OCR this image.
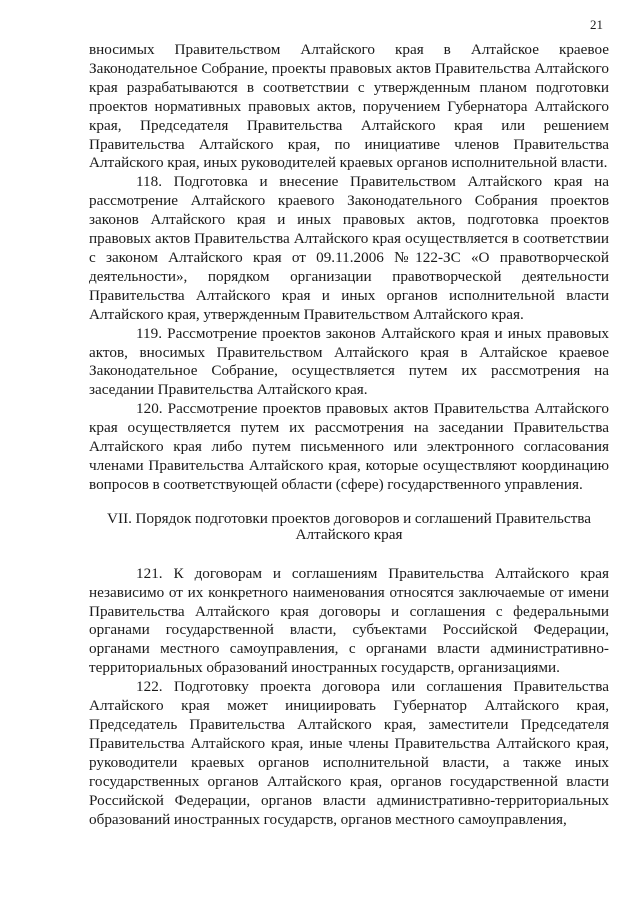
21

вносимых Правительством Алтайского края в Алтайское краевое Законодательное Собрание, проекты правовых актов Правительства Алтайского края разрабатываются в соответствии с утвержденным планом подготовки проектов нормативных правовых актов, поручением Губернатора Алтайского края, Председателя Правительства Алтайского края или решением Правительства Алтайского края, по инициативе членов Правительства Алтайского края, иных руководителей краевых органов исполнительной власти.

118. Подготовка и внесение Правительством Алтайского края на рассмотрение Алтайского краевого Законодательного Собрания проектов законов Алтайского края и иных правовых актов, подготовка проектов правовых актов Правительства Алтайского края осуществляется в соответствии с законом Алтайского края от 09.11.2006 №122-ЗС «О правотворческой деятельности», порядком организации правотворческой деятельности Правительства Алтайского края и иных органов исполнительной власти Алтайского края, утвержденным Правительством Алтайского края.

119. Рассмотрение проектов законов Алтайского края и иных правовых актов, вносимых Правительством Алтайского края в Алтайское краевое Законодательное Собрание, осуществляется путем их рассмотрения на заседании Правительства Алтайского края.

120. Рассмотрение проектов правовых актов Правительства Алтайского края осуществляется путем их рассмотрения на заседании Правительства Алтайского края либо путем письменного или электронного согласования членами Правительства Алтайского края, которые осуществляют координацию вопросов в соответствующей области (сфере) государственного управления.

VII. Порядок подготовки проектов договоров и соглашений Правительства Алтайского края

121. К договорам и соглашениям Правительства Алтайского края независимо от их конкретного наименования относятся заключаемые от имени Правительства Алтайского края договоры и соглашения с федеральными органами государственной власти, субъектами Российской Федерации, органами местного самоуправления, с органами власти административно-территориальных образований иностранных государств, организациями.

122. Подготовку проекта договора или соглашения Правительства Алтайского края может инициировать Губернатор Алтайского края, Председатель Правительства Алтайского края, заместители Председателя Правительства Алтайского края, иные члены Правительства Алтайского края, руководители краевых органов исполнительной власти, а также иных государственных органов Алтайского края, органов государственной власти Российской Федерации, органов власти административно-территориальных образований иностранных государств, органов местного самоуправления,
